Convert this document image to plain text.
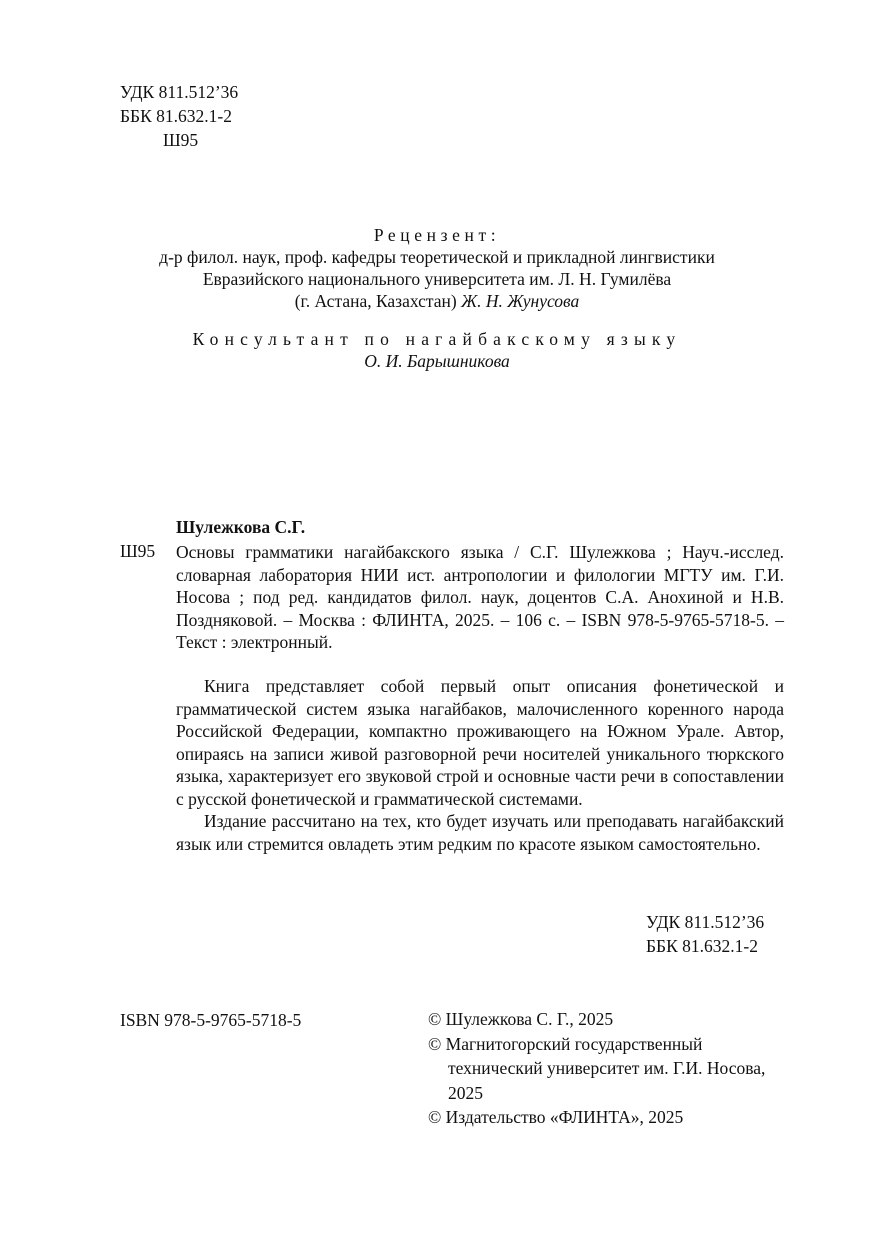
УДК 811.512’36
ББК 81.632.1-2
Ш95
Рецензент:
д-р филол. наук, проф. кафедры теоретической и прикладной лингвистики
Евразийского национального университета им. Л. Н. Гумилёва
(г. Астана, Казахстан) Ж. Н. Жунусова
Консультант по нагайбакскому языку
О. И. Барышникова
Шулежкова С.Г.
Ш95 Основы грамматики нагайбакского языка / С.Г. Шулежкова ; Науч.-исслед. словарная лаборатория НИИ ист. антропологии и филологии МГТУ им. Г.И. Носова ; под ред. кандидатов филол. наук, доцентов С.А. Анохиной и Н.В. Поздняковой. – Москва : ФЛИНТА, 2025. – 106 с. – ISBN 978-5-9765-5718-5. – Текст : электронный.

Книга представляет собой первый опыт описания фонетической и грамматической систем языка нагайбаков, малочисленного коренного народа Российской Федерации, компактно проживающего на Южном Урале. Автор, опираясь на записи живой разговорной речи носителей уникального тюркского языка, характеризует его звуковой строй и основные части речи в сопоставлении с русской фонетической и грамматической системами.

Издание рассчитано на тех, кто будет изучать или преподавать нагайбакский язык или стремится овладеть этим редким по красоте языком самостоятельно.

УДК 811.512’36
ББК 81.632.1-2
ISBN 978-5-9765-5718-5	© Шулежкова С. Г., 2025
© Магнитогорский государственный
технический университет им. Г.И. Носова,
2025
© Издательство «ФЛИНТА», 2025
